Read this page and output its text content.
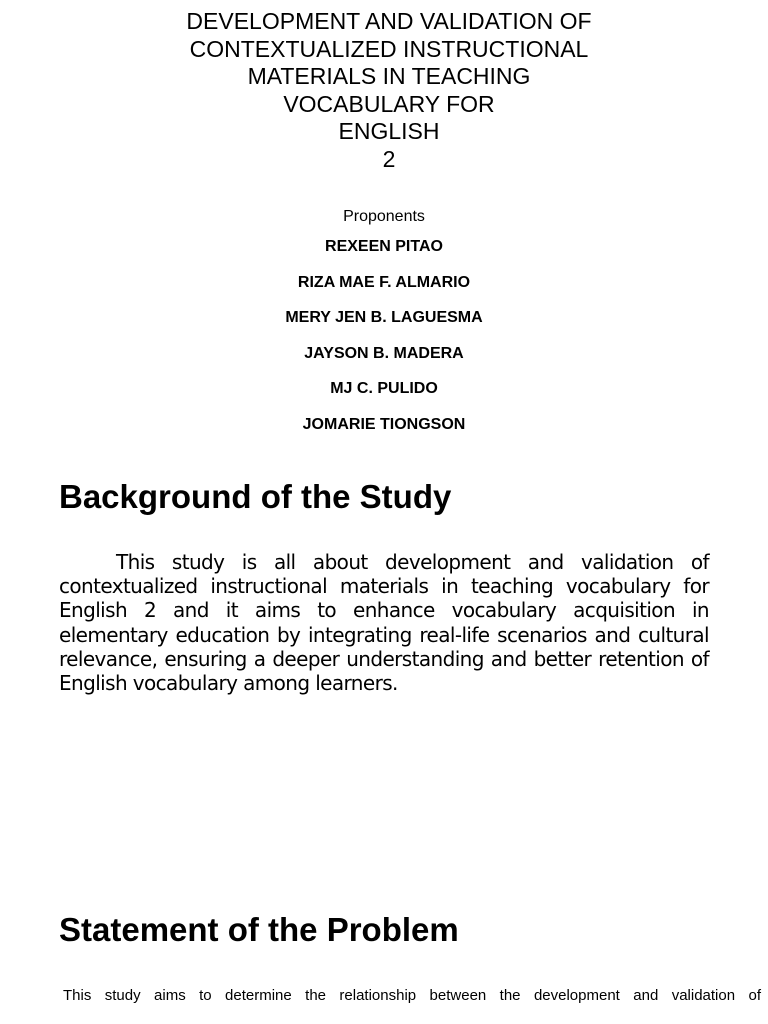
DEVELOPMENT AND VALIDATION OF
CONTEXTUALIZED INSTRUCTIONAL
MATERIALS IN TEACHING
VOCABULARY FOR
ENGLISH
2
Proponents
REXEEN PITAO
RIZA MAE F. ALMARIO
MERY JEN B. LAGUESMA
JAYSON B. MADERA
MJ C. PULIDO
JOMARIE TIONGSON
Background of the Study

This study is all about development and validation of contextualized instructional materials in teaching vocabulary for English 2 and it aims to enhance vocabulary acquisition in elementary education by integrating real-life scenarios and cultural relevance, ensuring a deeper understanding and better retention of English vocabulary among learners.

Statement of the Problem

This study aims to determine the relationship between the development and validation of
